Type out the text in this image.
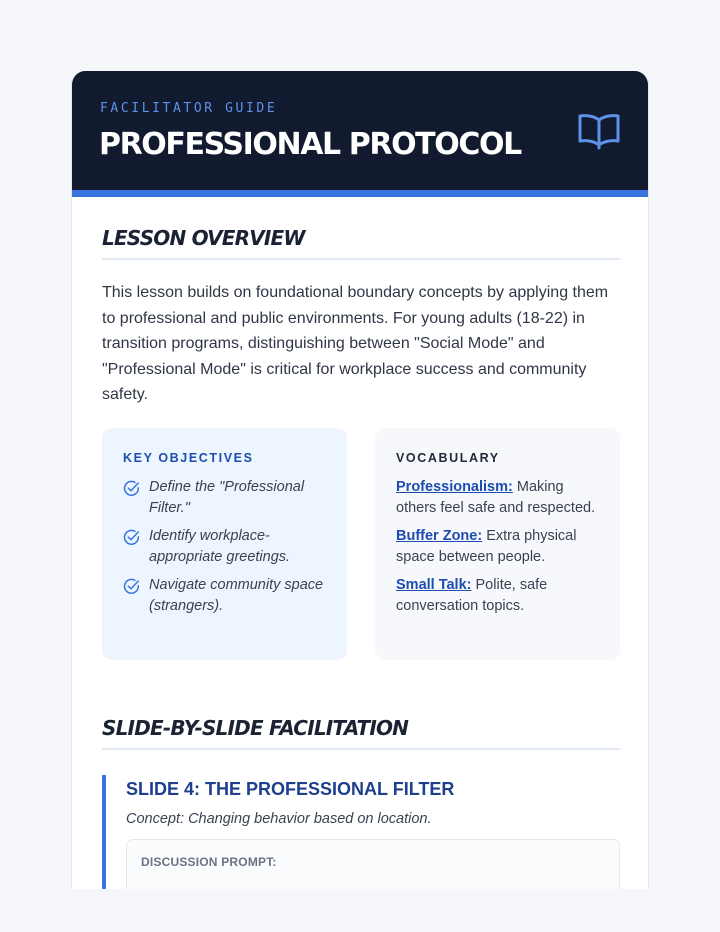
FACILITATOR GUIDE
PROFESSIONAL PROTOCOL
LESSON OVERVIEW

This lesson builds on foundational boundary concepts by applying them to professional and public environments. For young adults (18-22) in transition programs, distinguishing between "Social Mode" and "Professional Mode" is critical for workplace success and community safety.

KEY OBJECTIVES
Define the "Professional Filter."
Identify workplace-appropriate greetings.
Navigate community space (strangers).
VOCABULARY
Professionalism: Making others feel safe and respected.
Buffer Zone: Extra physical space between people.
Small Talk: Polite, safe conversation topics.
SLIDE-BY-SLIDE FACILITATION
SLIDE 4: THE PROFESSIONAL FILTER
Concept: Changing behavior based on location.
DISCUSSION PROMPT:
